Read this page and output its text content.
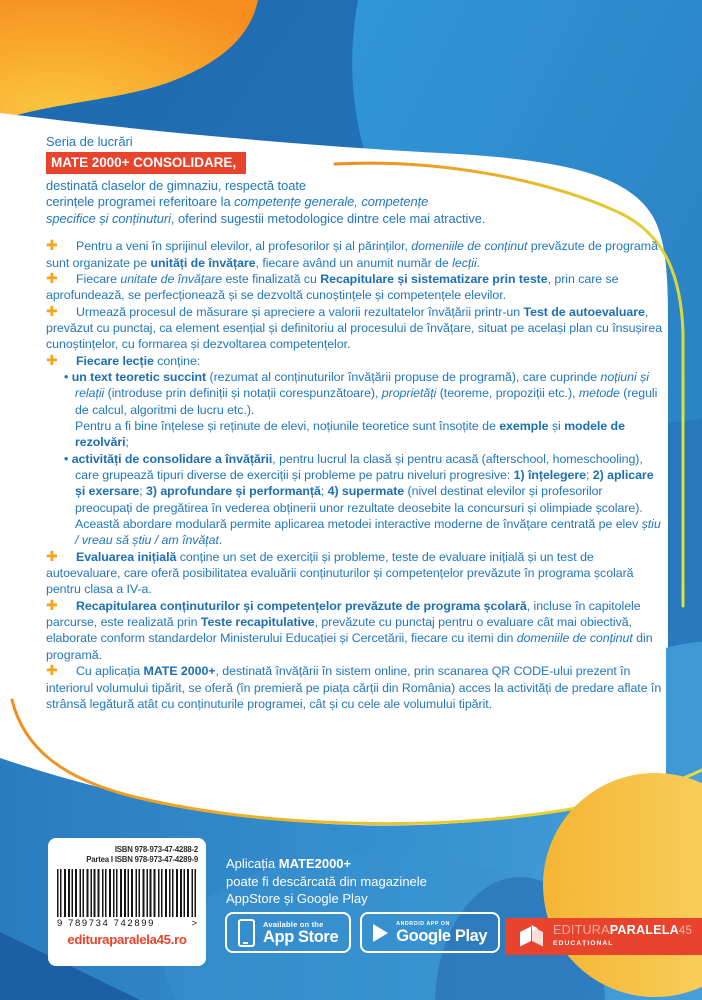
Seria de lucrări
MATE 2000+ CONSOLIDARE,
destinată claselor de gimnaziu, respectă toate
cerințele programei referitoare la competențe generale, competențe
specifice și conținuturi, oferind sugestii metodologice dintre cele mai atractive.
✚ Pentru a veni în sprijinul elevilor, al profesorilor și al părinților, domeniile de conținut prevăzute de programă sunt organizate pe unități de învățare, fiecare având un anumit număr de lecții.
✚ Fiecare unitate de învățare este finalizată cu Recapitulare și sistematizare prin teste, prin care se aprofundează, se perfecționează și se dezvoltă cunoștințele și competențele elevilor.
✚ Urmează procesul de măsurare și apreciere a valorii rezultatelor învățării printr-un Test de autoevaluare, prevăzut cu punctaj, ca element esențial și definitoriu al procesului de învățare, situat pe același plan cu însușirea cunoștințelor, cu formarea și dezvoltarea competențelor.
✚ Fiecare lecție conține:
• un text teoretic succint (rezumat al conținuturilor învățării propuse de programă), care cuprinde noțiuni și relații (introduse prin definiții și notații corespunzătoare), proprietăți (teoreme, propoziții etc.), metode (reguli de calcul, algoritmi de lucru etc.).
Pentru a fi bine înțelese și reținute de elevi, noțiunile teoretice sunt însoțite de exemple și modele de rezolvări;
• activități de consolidare a învățării, pentru lucrul la clasă și pentru acasă (afterschool, homeschooling), care grupează tipuri diverse de exerciții și probleme pe patru niveluri progresive: 1) înțelegere; 2) aplicare și exersare; 3) aprofundare și performanță; 4) supermate (nivel destinat elevilor și profesorilor preocupați de pregătirea în vederea obținerii unor rezultate deosebite la concursuri și olimpiade școlare).
Această abordare modulară permite aplicarea metodei interactive moderne de învățare centrată pe elev știu / vreau să știu / am învățat.
✚ Evaluarea inițială conține un set de exerciții și probleme, teste de evaluare inițială și un test de autoevaluare, care oferă posibilitatea evaluării conținuturilor și competențelor prevăzute în programa școlară pentru clasa a IV-a.
✚ Recapitularea conținuturilor și competențelor prevăzute de programa școlară, incluse în capitolele parcurse, este realizată prin Teste recapitulative, prevăzute cu punctaj pentru o evaluare cât mai obiectivă, elaborate conform standardelor Ministerului Educației și Cercetării, fiecare cu itemi din domeniile de conținut din programă.
✚ Cu aplicația MATE 2000+, destinată învățării în sistem online, prin scanarea QR CODE-ului prezent în interiorul volumului tipărit, se oferă (în premieră pe piața cărții din România) acces la activități de predare aflate în strânsă legătură atât cu conținuturile programei, cât și cu cele ale volumului tipărit.
ISBN 978-973-47-4288-2
Partea I ISBN 978-973-47-4289-9
9 789734 742899	>
edituraparalela45.ro
Aplicația MATE2000+
poate fi descărcată din magazinele
AppStore și Google Play
Available on the
App Store
ANDROID APP ON
Google Play	EDITURAPARALELA45
EDUCAȚIONAL
